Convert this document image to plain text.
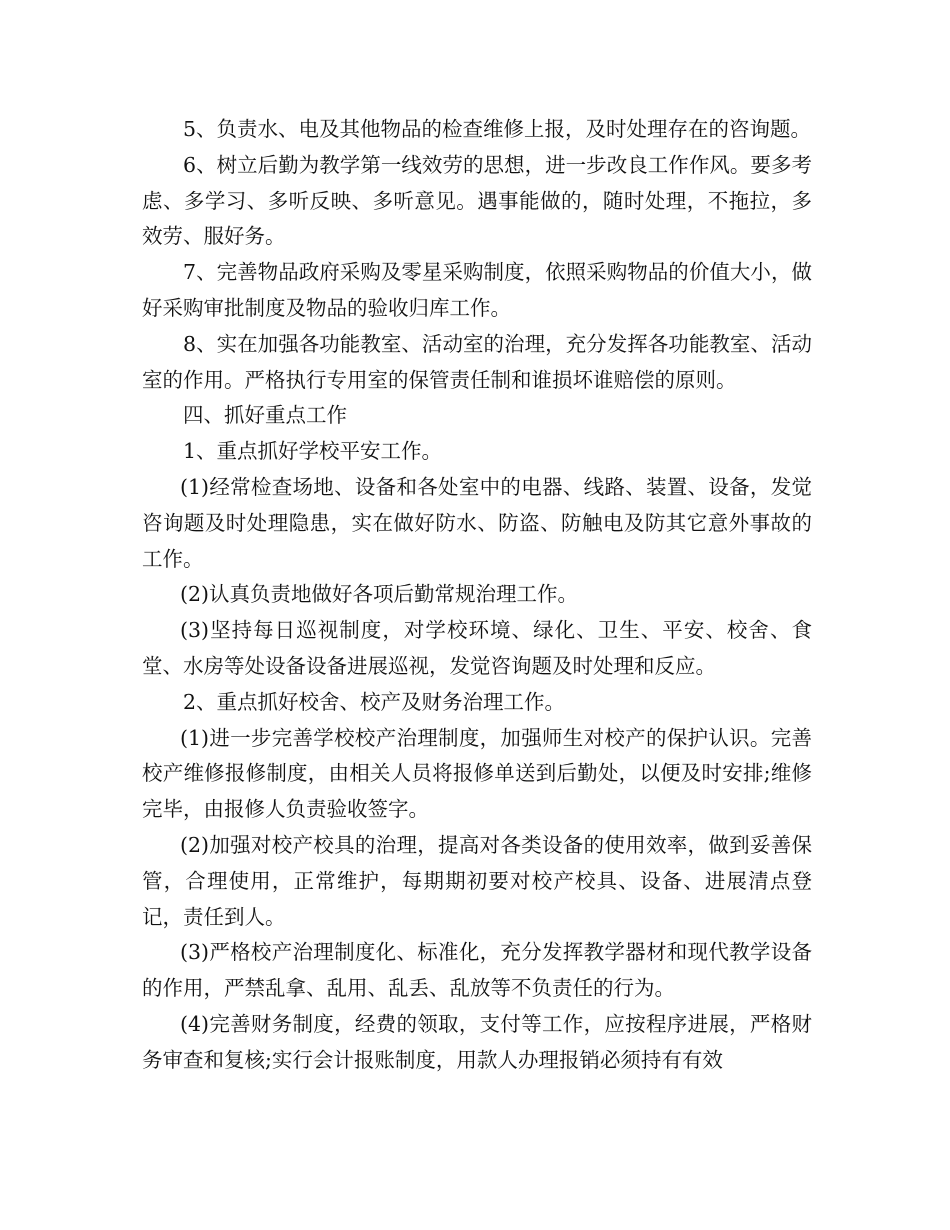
5、负责水、电及其他物品的检查维修上报，及时处理存在的咨询题。

6、树立后勤为教学第一线效劳的思想，进一步改良工作作风。要多考虑、多学习、多听反映、多听意见。遇事能做的，随时处理，不拖拉，多效劳、服好务。

7、完善物品政府采购及零星采购制度，依照采购物品的价值大小，做好采购审批制度及物品的验收归库工作。

8、实在加强各功能教室、活动室的治理，充分发挥各功能教室、活动室的作用。严格执行专用室的保管责任制和谁损坏谁赔偿的原则。

四、抓好重点工作

1、重点抓好学校平安工作。

(1)经常检查场地、设备和各处室中的电器、线路、装置、设备，发觉咨询题及时处理隐患，实在做好防水、防盗、防触电及防其它意外事故的工作。

(2)认真负责地做好各项后勤常规治理工作。

(3)坚持每日巡视制度，对学校环境、绿化、卫生、平安、校舍、食堂、水房等处设备设备进展巡视，发觉咨询题及时处理和反应。

2、重点抓好校舍、校产及财务治理工作。

(1)进一步完善学校校产治理制度，加强师生对校产的保护认识。完善校产维修报修制度，由相关人员将报修单送到后勤处，以便及时安排;维修完毕，由报修人负责验收签字。

(2)加强对校产校具的治理，提高对各类设备的使用效率，做到妥善保管，合理使用，正常维护，每期期初要对校产校具、设备、进展清点登记，责任到人。

(3)严格校产治理制度化、标准化，充分发挥教学器材和现代教学设备的作用，严禁乱拿、乱用、乱丢、乱放等不负责任的行为。

(4)完善财务制度，经费的领取，支付等工作，应按程序进展，严格财务审查和复核;实行会计报账制度，用款人办理报销必须持有有效
